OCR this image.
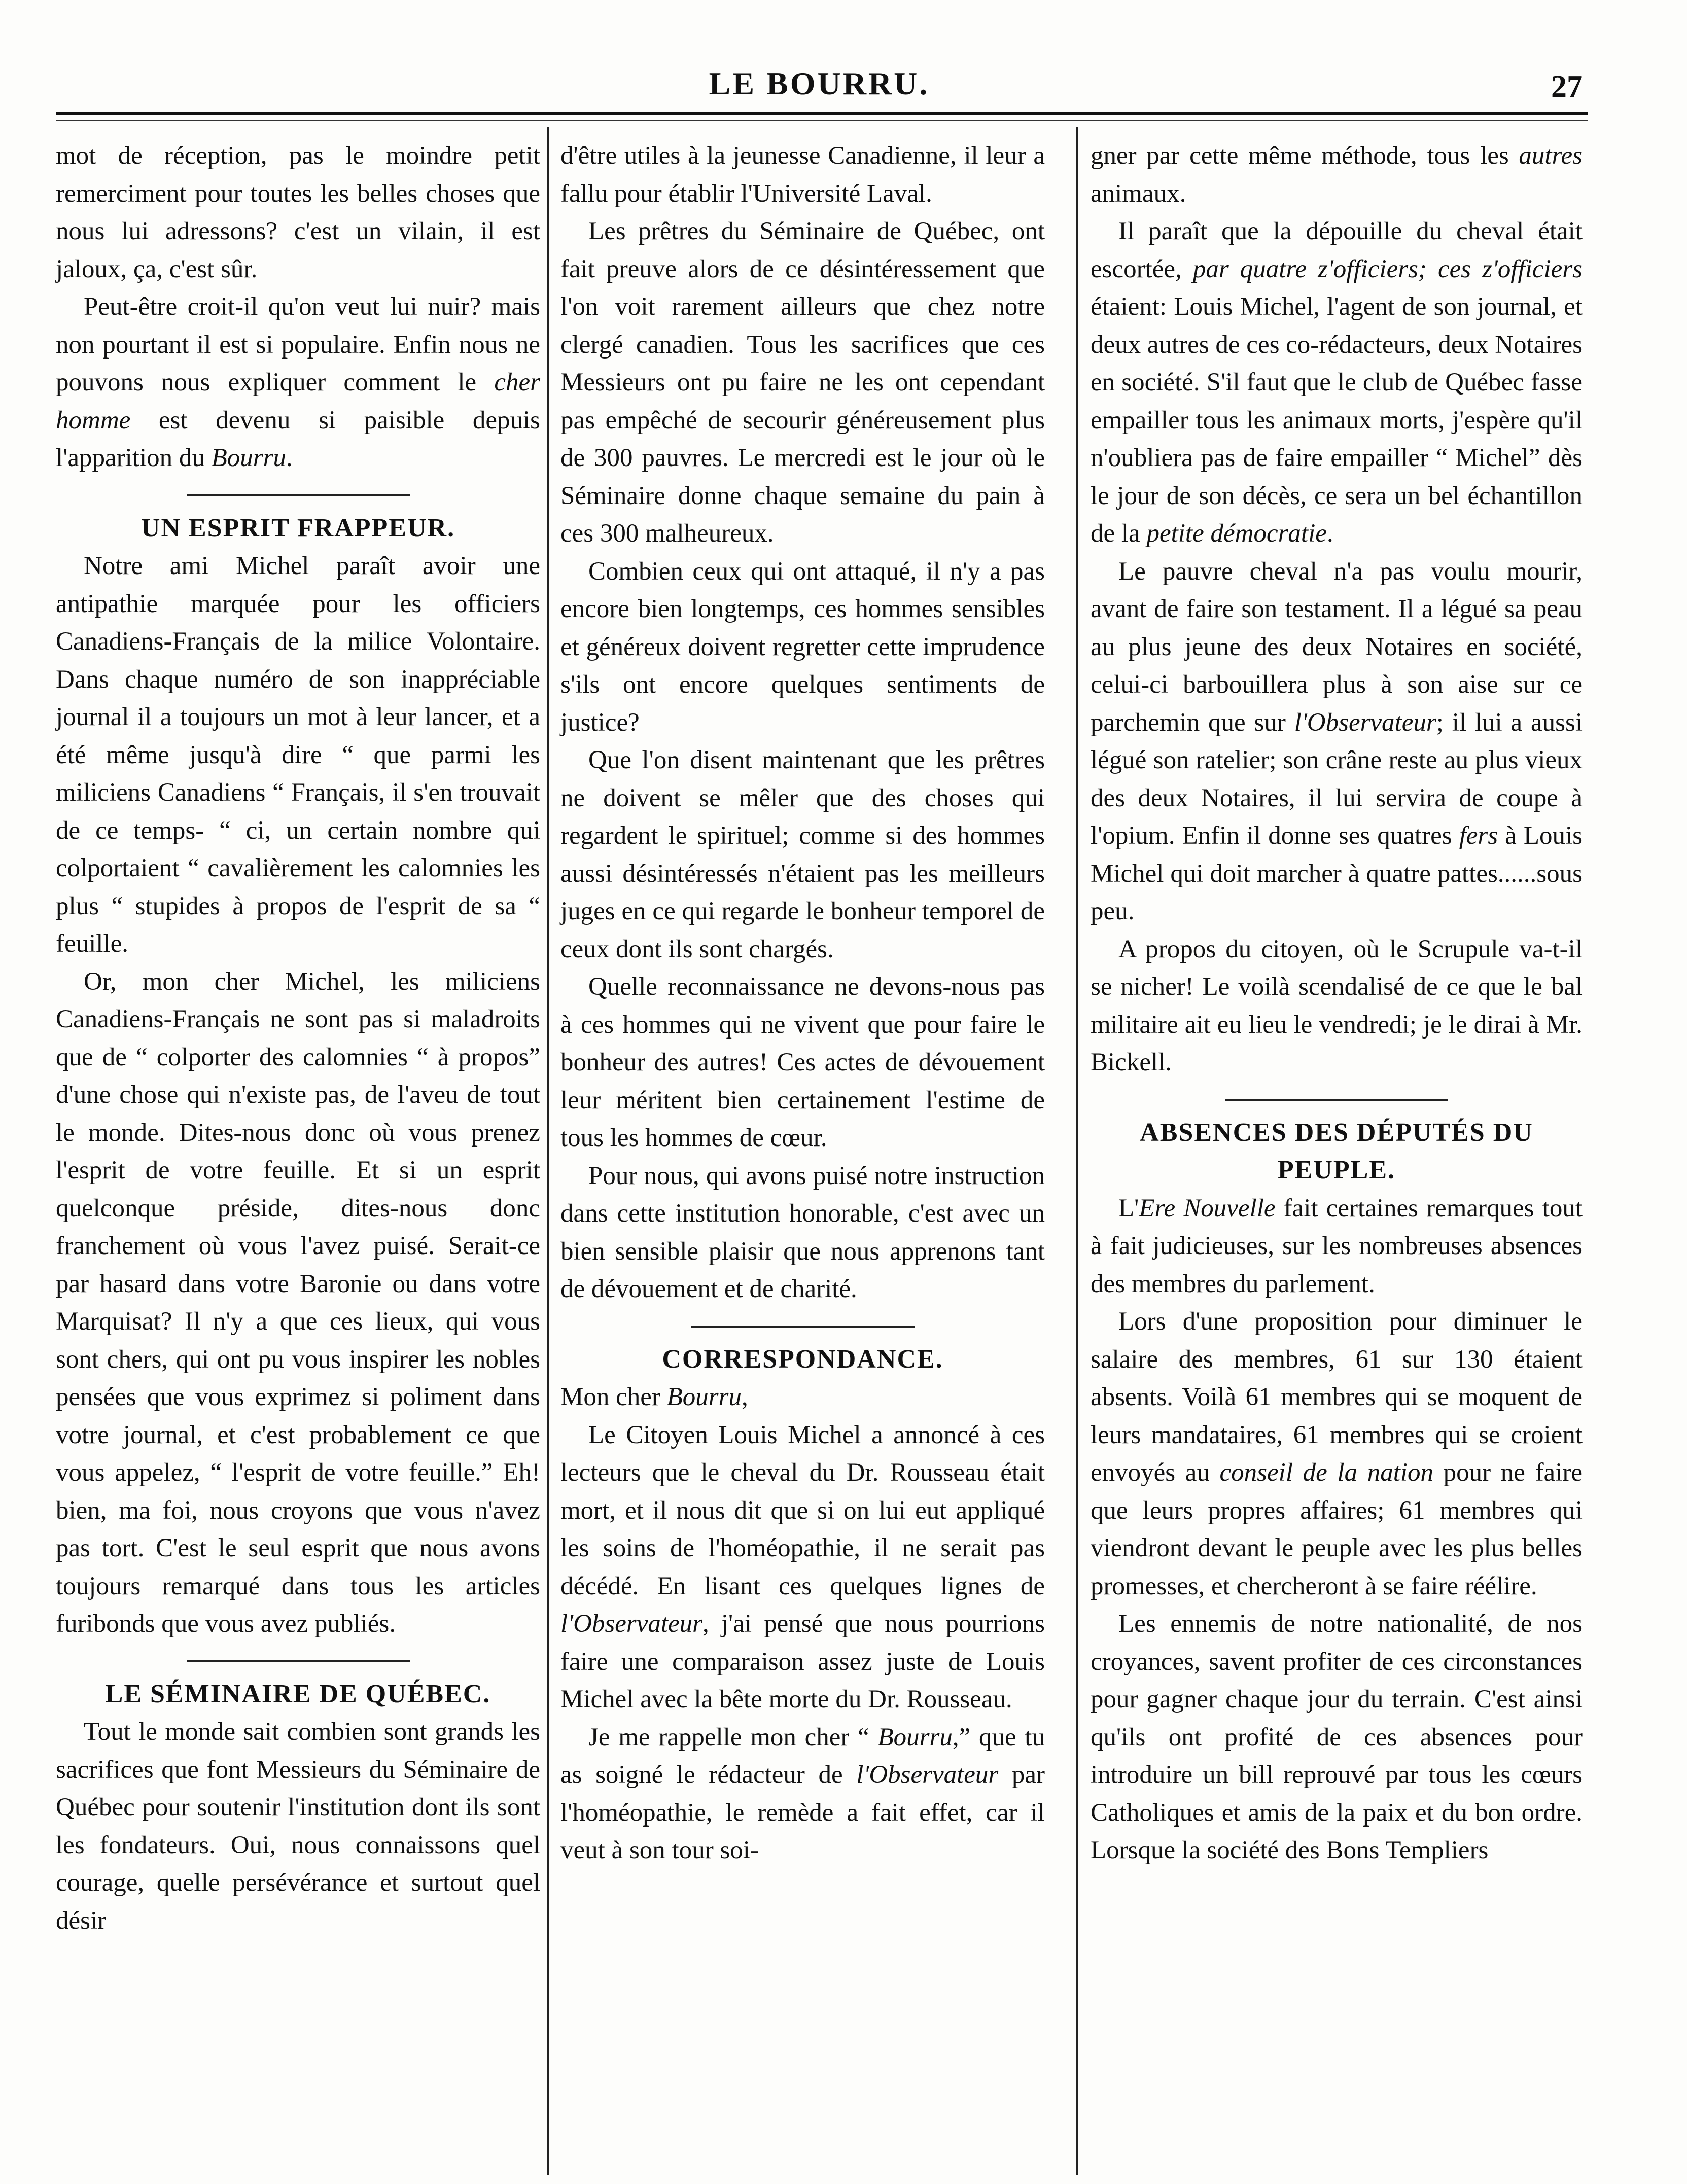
LE BOURRU.	27

mot de réception, pas le moindre petit remerciment pour toutes les belles choses que nous lui adressons? c'est un vilain, il est jaloux, ça, c'est sûr.

Peut-être croit-il qu'on veut lui nuir? mais non pourtant il est si populaire. Enfin nous ne pouvons nous expliquer comment le cher homme est devenu si paisible depuis l'apparition du Bourru.

UN ESPRIT FRAPPEUR.

Notre ami Michel paraît avoir une antipathie marquée pour les officiers Canadiens-Français de la milice Volontaire. Dans chaque numéro de son inappréciable journal il a toujours un mot à leur lancer, et a été même jusqu'à dire “ que parmi les miliciens Canadiens “ Français, il s'en trouvait de ce temps- “ ci, un certain nombre qui colportaient “ cavalièrement les calomnies les plus “ stupides à propos de l'esprit de sa “ feuille.

Or, mon cher Michel, les miliciens Canadiens-Français ne sont pas si maladroits que de “ colporter des calomnies “ à propos” d'une chose qui n'existe pas, de l'aveu de tout le monde. Dites-nous donc où vous prenez l'esprit de votre feuille. Et si un esprit quelconque préside, dites-nous donc franchement où vous l'avez puisé. Serait-ce par hasard dans votre Baronie ou dans votre Marquisat? Il n'y a que ces lieux, qui vous sont chers, qui ont pu vous inspirer les nobles pensées que vous exprimez si poliment dans votre journal, et c'est probablement ce que vous appelez, “ l'esprit de votre feuille.” Eh! bien, ma foi, nous croyons que vous n'avez pas tort. C'est le seul esprit que nous avons toujours remarqué dans tous les articles furibonds que vous avez publiés.

LE SÉMINAIRE DE QUÉBEC.

Tout le monde sait combien sont grands les sacrifices que font Messieurs du Séminaire de Québec pour soutenir l'institution dont ils sont les fondateurs. Oui, nous connaissons quel courage, quelle persévérance et surtout quel désir

d'être utiles à la jeunesse Canadienne, il leur a fallu pour établir l'Université Laval.

Les prêtres du Séminaire de Québec, ont fait preuve alors de ce désintéressement que l'on voit rarement ailleurs que chez notre clergé canadien. Tous les sacrifices que ces Messieurs ont pu faire ne les ont cependant pas empêché de secourir généreusement plus de 300 pauvres. Le mercredi est le jour où le Séminaire donne chaque semaine du pain à ces 300 malheureux.

Combien ceux qui ont attaqué, il n'y a pas encore bien longtemps, ces hommes sensibles et généreux doivent regretter cette imprudence s'ils ont encore quelques sentiments de justice?

Que l'on disent maintenant que les prêtres ne doivent se mêler que des choses qui regardent le spirituel; comme si des hommes aussi désintéressés n'étaient pas les meilleurs juges en ce qui regarde le bonheur temporel de ceux dont ils sont chargés.

Quelle reconnaissance ne devons-nous pas à ces hommes qui ne vivent que pour faire le bonheur des autres! Ces actes de dévouement leur méritent bien certainement l'estime de tous les hommes de cœur.

Pour nous, qui avons puisé notre instruction dans cette institution honorable, c'est avec un bien sensible plaisir que nous apprenons tant de dévouement et de charité.

CORRESPONDANCE.

Mon cher Bourru,

Le Citoyen Louis Michel a annoncé à ces lecteurs que le cheval du Dr. Rousseau était mort, et il nous dit que si on lui eut appliqué les soins de l'homéopathie, il ne serait pas décédé. En lisant ces quelques lignes de l'Observateur, j'ai pensé que nous pourrions faire une comparaison assez juste de Louis Michel avec la bête morte du Dr. Rousseau.

Je me rappelle mon cher “ Bourru,” que tu as soigné le rédacteur de l'Observateur par l'homéopathie, le remède a fait effet, car il veut à son tour soi-

gner par cette même méthode, tous les autres animaux.

Il paraît que la dépouille du cheval était escortée, par quatre z'officiers; ces z'officiers étaient: Louis Michel, l'agent de son journal, et deux autres de ces co-rédacteurs, deux Notaires en société. S'il faut que le club de Québec fasse empailler tous les animaux morts, j'espère qu'il n'oubliera pas de faire empailler “ Michel” dès le jour de son décès, ce sera un bel échantillon de la petite démocratie.

Le pauvre cheval n'a pas voulu mourir, avant de faire son testament. Il a légué sa peau au plus jeune des deux Notaires en société, celui-ci barbouillera plus à son aise sur ce parchemin que sur l'Observateur; il lui a aussi légué son ratelier; son crâne reste au plus vieux des deux Notaires, il lui servira de coupe à l'opium. Enfin il donne ses quatres fers à Louis Michel qui doit marcher à quatre pattes......sous peu.

A propos du citoyen, où le Scrupule va-t-il se nicher! Le voilà scendalisé de ce que le bal militaire ait eu lieu le vendredi; je le dirai à Mr. Bickell.

ABSENCES DES DÉPUTÉS DU PEUPLE.

L'Ere Nouvelle fait certaines remarques tout à fait judicieuses, sur les nombreuses absences des membres du parlement.

Lors d'une proposition pour diminuer le salaire des membres, 61 sur 130 étaient absents. Voilà 61 membres qui se moquent de leurs mandataires, 61 membres qui se croient envoyés au conseil de la nation pour ne faire que leurs propres affaires; 61 membres qui viendront devant le peuple avec les plus belles promesses, et chercheront à se faire réélire.

Les ennemis de notre nationalité, de nos croyances, savent profiter de ces circonstances pour gagner chaque jour du terrain. C'est ainsi qu'ils ont profité de ces absences pour introduire un bill reprouvé par tous les cœurs Catholiques et amis de la paix et du bon ordre. Lorsque la société des Bons Templiers
